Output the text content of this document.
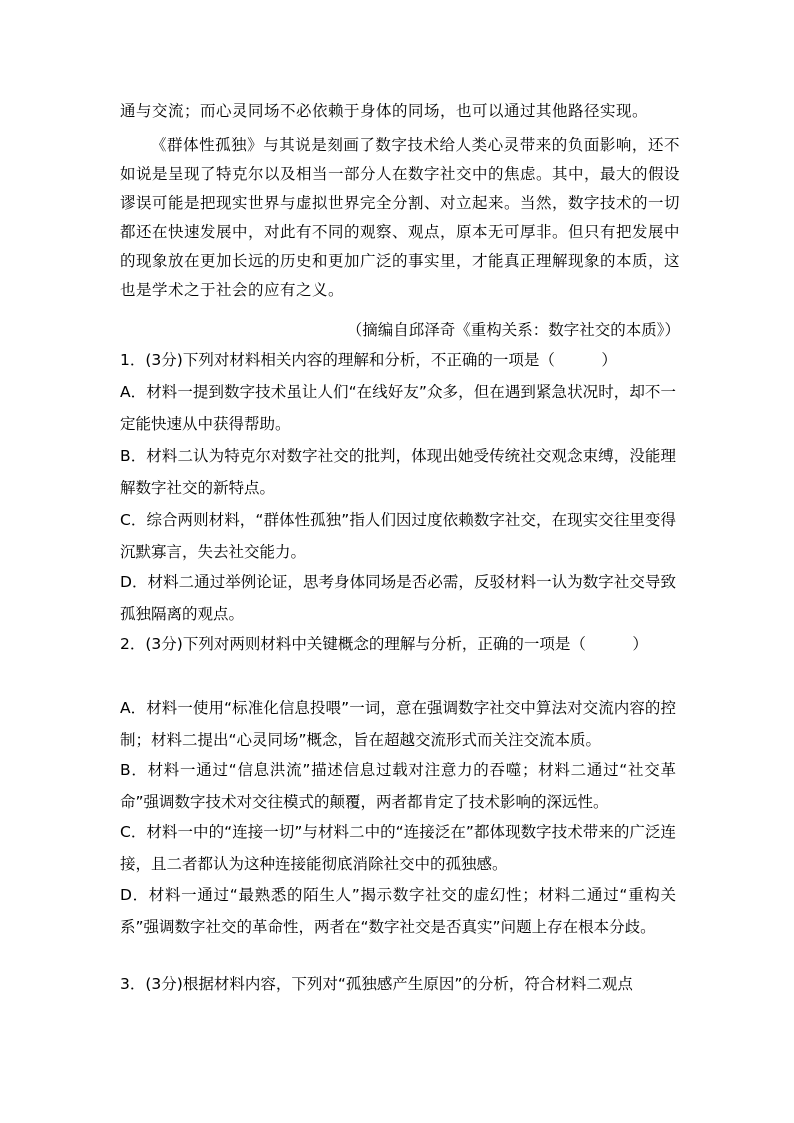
通与交流；而心灵同场不必依赖于身体的同场，也可以通过其他路径实现。

《群体性孤独》与其说是刻画了数字技术给人类心灵带来的负面影响，还不如说是呈现了特克尔以及相当一部分人在数字社交中的焦虑。其中，最大的假设谬误可能是把现实世界与虚拟世界完全分割、对立起来。当然，数字技术的一切都还在快速发展中，对此有不同的观察、观点，原本无可厚非。但只有把发展中的现象放在更加长远的历史和更加广泛的事实里，才能真正理解现象的本质，这也是学术之于社会的应有之义。

（摘编自邱泽奇《重构关系：数字社交的本质》）

1．(3分)下列对材料相关内容的理解和分析，不正确的一项是（　　　）

A．材料一提到数字技术虽让人们“在线好友”众多，但在遇到紧急状况时，却不一定能快速从中获得帮助。

B．材料二认为特克尔对数字社交的批判，体现出她受传统社交观念束缚，没能理解数字社交的新特点。

C．综合两则材料，“群体性孤独”指人们因过度依赖数字社交，在现实交往里变得沉默寡言，失去社交能力。

D．材料二通过举例论证，思考身体同场是否必需，反驳材料一认为数字社交导致孤独隔离的观点。

2．(3分)下列对两则材料中关键概念的理解与分析，正确的一项是（　　　）

A．材料一使用“标准化信息投喂”一词，意在强调数字社交中算法对交流内容的控制；材料二提出“心灵同场”概念，旨在超越交流形式而关注交流本质。

B．材料一通过“信息洪流”描述信息过载对注意力的吞噬；材料二通过“社交革命”强调数字技术对交往模式的颠覆，两者都肯定了技术影响的深远性。

C．材料一中的“连接一切”与材料二中的“连接泛在”都体现数字技术带来的广泛连接，且二者都认为这种连接能彻底消除社交中的孤独感。

D．材料一通过“最熟悉的陌生人”揭示数字社交的虚幻性；材料二通过“重构关系”强调数字社交的革命性，两者在“数字社交是否真实”问题上存在根本分歧。

3．(3分)根据材料内容，下列对“孤独感产生原因”的分析，符合材料二观点
